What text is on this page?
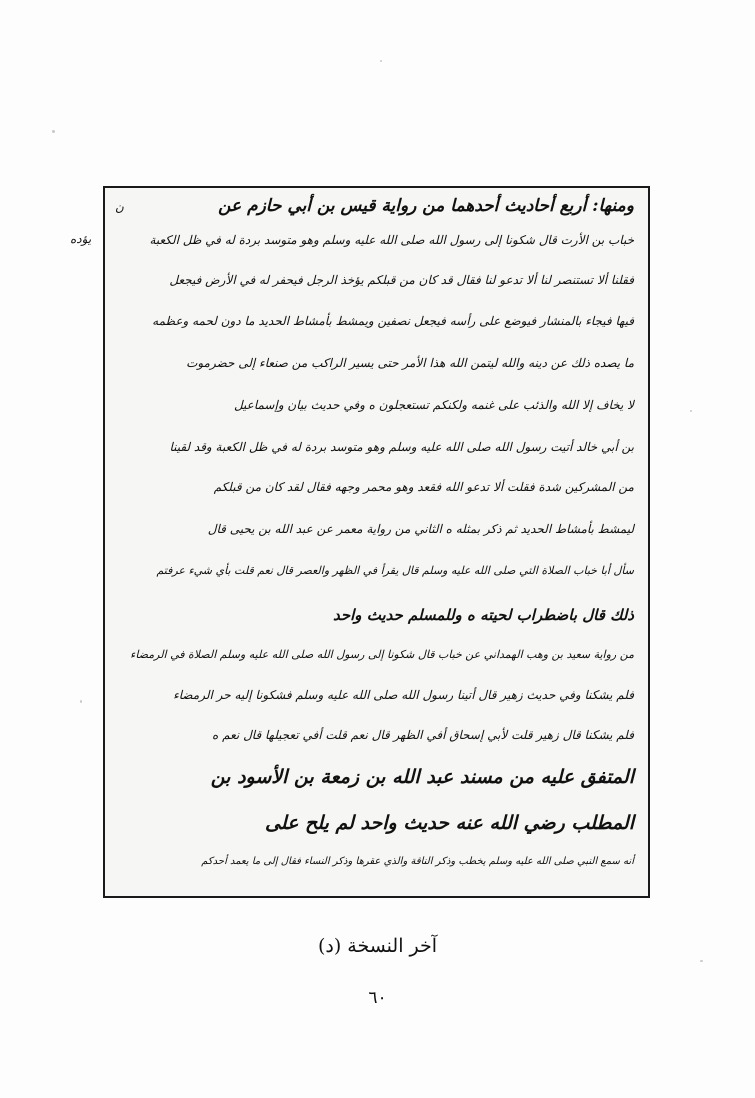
ومنها: أربع أحاديث أحدهما من رواية قيس بن أبي حازم عن
خباب بن الأرت قال شكونا إلى رسول الله صلى الله عليه وسلم وهو متوسد بردة له في ظل الكعبة
فقلنا ألا تستنصر لنا ألا تدعو لنا فقال قد كان من قبلكم يؤخذ الرجل فيحفر له في الأرض فيجعل
فيها فيجاء بالمنشار فيوضع على رأسه فيجعل نصفين ويمشط بأمشاط الحديد ما دون لحمه وعظمه
ما يصده ذلك عن دينه والله ليتمن الله هذا الأمر حتى يسير الراكب من صنعاء إلى حضرموت
لا يخاف إلا الله والذئب على غنمه ولكنكم تستعجلون ه وفي حديث بيان وإسماعيل
بن أبي خالد أتيت رسول الله صلى الله عليه وسلم وهو متوسد بردة له في ظل الكعبة وقد لقينا
من المشركين شدة فقلت ألا تدعو الله فقعد وهو محمر وجهه فقال لقد كان من قبلكم
ليمشط بأمشاط الحديد ثم ذكر بمثله ه الثاني من رواية معمر عن عبد الله بن يحيى قال
سأل أبا خباب الصلاة التي صلى الله عليه وسلم قال يقرأ في الظهر والعصر قال نعم قلت بأي شيء عرفتم
ذلك قال باضطراب لحيته ه وللمسلم حديث واحد
من رواية سعيد بن وهب الهمداني عن خباب قال شكونا إلى رسول الله صلى الله عليه وسلم الصلاة في الرمضاء
فلم يشكنا وفي حديث زهير قال أتينا رسول الله صلى الله عليه وسلم فشكونا إليه حر الرمضاء
فلم يشكنا قال زهير قلت لأبي إسحاق أفي الظهر قال نعم قلت أفي تعجيلها قال نعم ه
المتفق عليه من مسند عبد الله بن زمعة بن الأسود بن
المطلب رضي الله عنه حديث واحد لم يلح على
أنه سمع النبي صلى الله عليه وسلم يخطب وذكر الناقة والذي عقرها وذكر النساء فقال إلى ما يعمد أحدكم
يؤده
ن
آخر النسخة (د)
٦٠
